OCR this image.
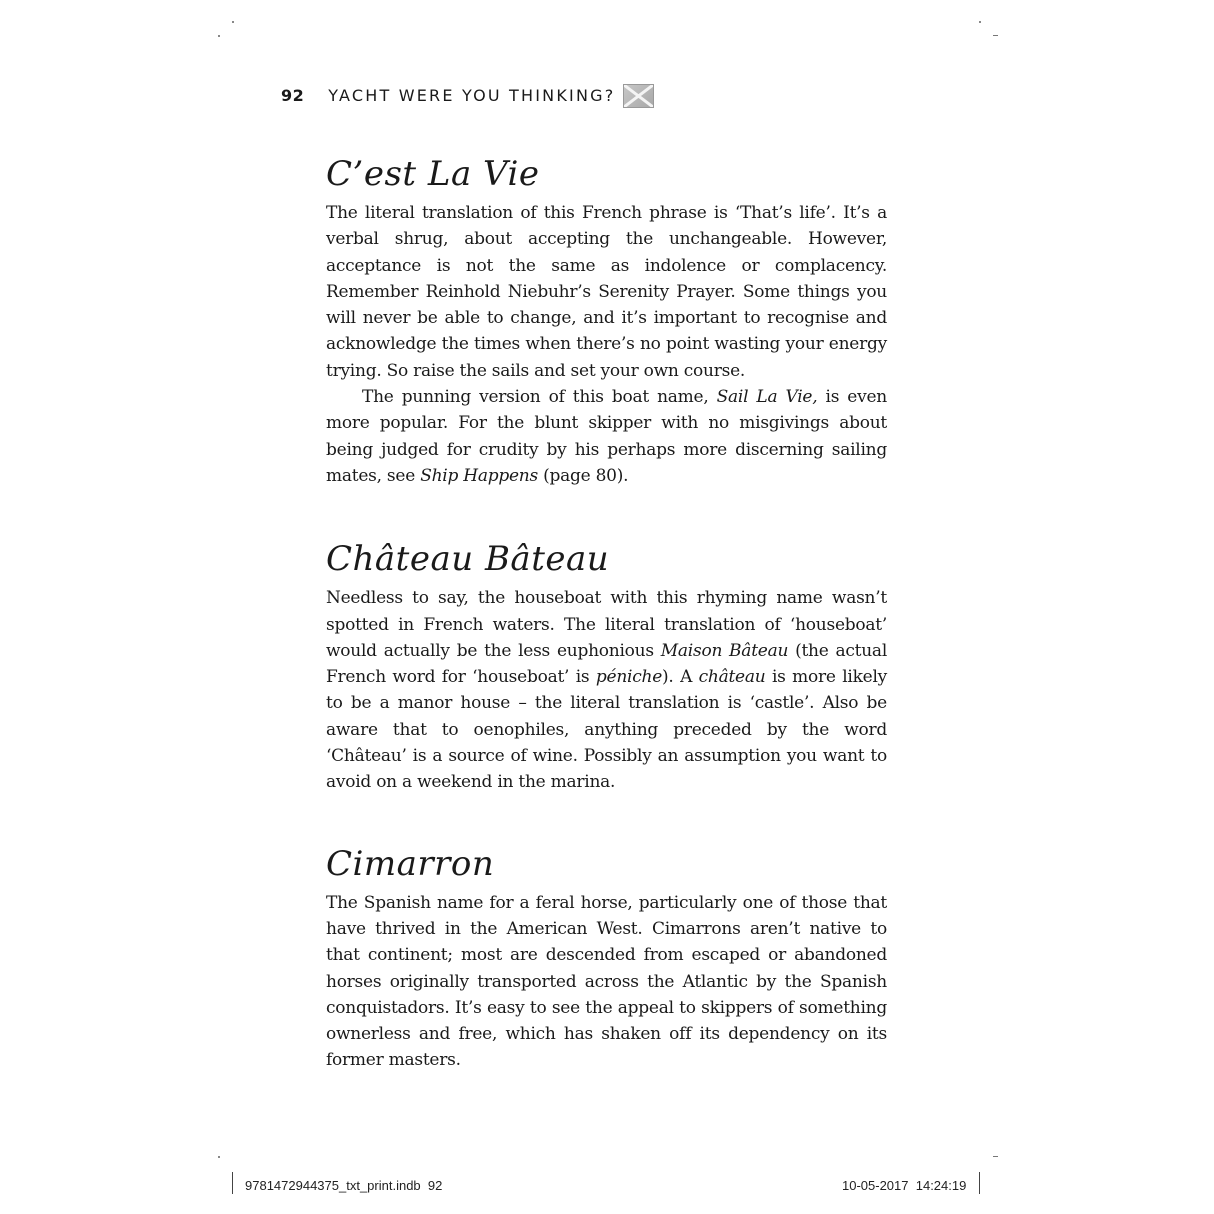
92 YACHT WERE YOU THINKING?
C’est La Vie

The literal translation of this French phrase is ‘That’s life’. It’s a verbal shrug, about accepting the unchangeable. However, acceptance is not the same as indolence or complacency. Remember Reinhold Niebuhr’s Serenity Prayer. Some things you will never be able to change, and it’s important to recognise and acknowledge the times when there’s no point wasting your energy trying. So raise the sails and set your own course.

The punning version of this boat name, Sail La Vie, is even more popular. For the blunt skipper with no misgivings about being judged for crudity by his perhaps more discerning sailing mates, see Ship Happens (page 80).

Château Bâteau

Needless to say, the houseboat with this rhyming name wasn’t spotted in French waters. The literal translation of ‘houseboat’ would actually be the less euphonious Maison Bâteau (the actual French word for ‘houseboat’ is péniche). A château is more likely to be a manor house – the literal translation is ‘castle’. Also be aware that to oenophiles, anything preceded by the word ‘Château’ is a source of wine. Possibly an assumption you want to avoid on a weekend in the marina.

Cimarron

The Spanish name for a feral horse, particularly one of those that have thrived in the American West. Cimarrons aren’t native to that continent; most are descended from escaped or abandoned horses originally transported across the Atlantic by the Spanish conquistadors. It’s easy to see the appeal to skippers of something ownerless and free, which has shaken off its dependency on its former masters.

9781472944375_txt_print.indb 92	10-05-2017 14:24:19
